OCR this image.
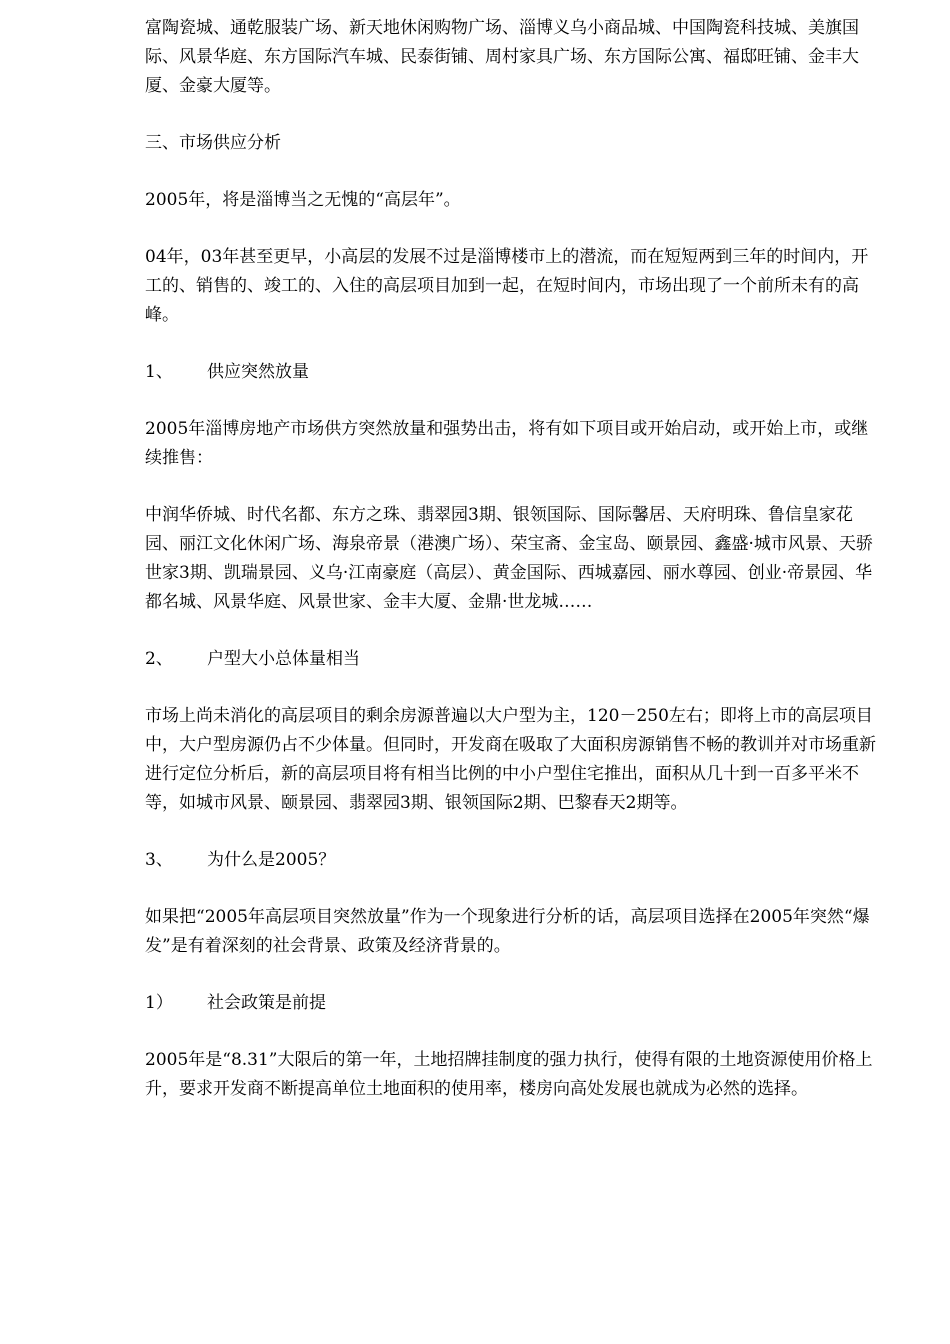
富陶瓷城、通乾服装广场、新天地休闲购物广场、淄博义乌小商品城、中国陶瓷科技城、美旗国际、风景华庭、东方国际汽车城、民泰街铺、周村家具广场、东方国际公寓、福邸旺铺、金丰大厦、金豪大厦等。

三、市场供应分析

2005年，将是淄博当之无愧的“高层年”。

04年，03年甚至更早，小高层的发展不过是淄博楼市上的潜流，而在短短两到三年的时间内，开工的、销售的、竣工的、入住的高层项目加到一起，在短时间内，市场出现了一个前所未有的高峰。

1、	供应突然放量

2005年淄博房地产市场供方突然放量和强势出击，将有如下项目或开始启动，或开始上市，或继续推售：

中润华侨城、时代名都、东方之珠、翡翠园3期、银领国际、国际馨居、天府明珠、鲁信皇家花园、丽江文化休闲广场、海泉帝景（港澳广场）、荣宝斋、金宝岛、颐景园、鑫盛·城市风景、天骄世家3期、凯瑞景园、义乌·江南豪庭（高层）、黄金国际、西城嘉园、丽水尊园、创业·帝景园、华都名城、风景华庭、风景世家、金丰大厦、金鼎·世龙城……

2、	户型大小总体量相当

市场上尚未消化的高层项目的剩余房源普遍以大户型为主，120－250左右；即将上市的高层项目中，大户型房源仍占不少体量。但同时，开发商在吸取了大面积房源销售不畅的教训并对市场重新进行定位分析后，新的高层项目将有相当比例的中小户型住宅推出，面积从几十到一百多平米不等，如城市风景、颐景园、翡翠园3期、银领国际2期、巴黎春天2期等。

3、	为什么是2005？

如果把“2005年高层项目突然放量”作为一个现象进行分析的话，高层项目选择在2005年突然“爆发”是有着深刻的社会背景、政策及经济背景的。

1）	社会政策是前提

2005年是“8.31”大限后的第一年，土地招牌挂制度的强力执行，使得有限的土地资源使用价格上升，要求开发商不断提高单位土地面积的使用率，楼房向高处发展也就成为必然的选择。
